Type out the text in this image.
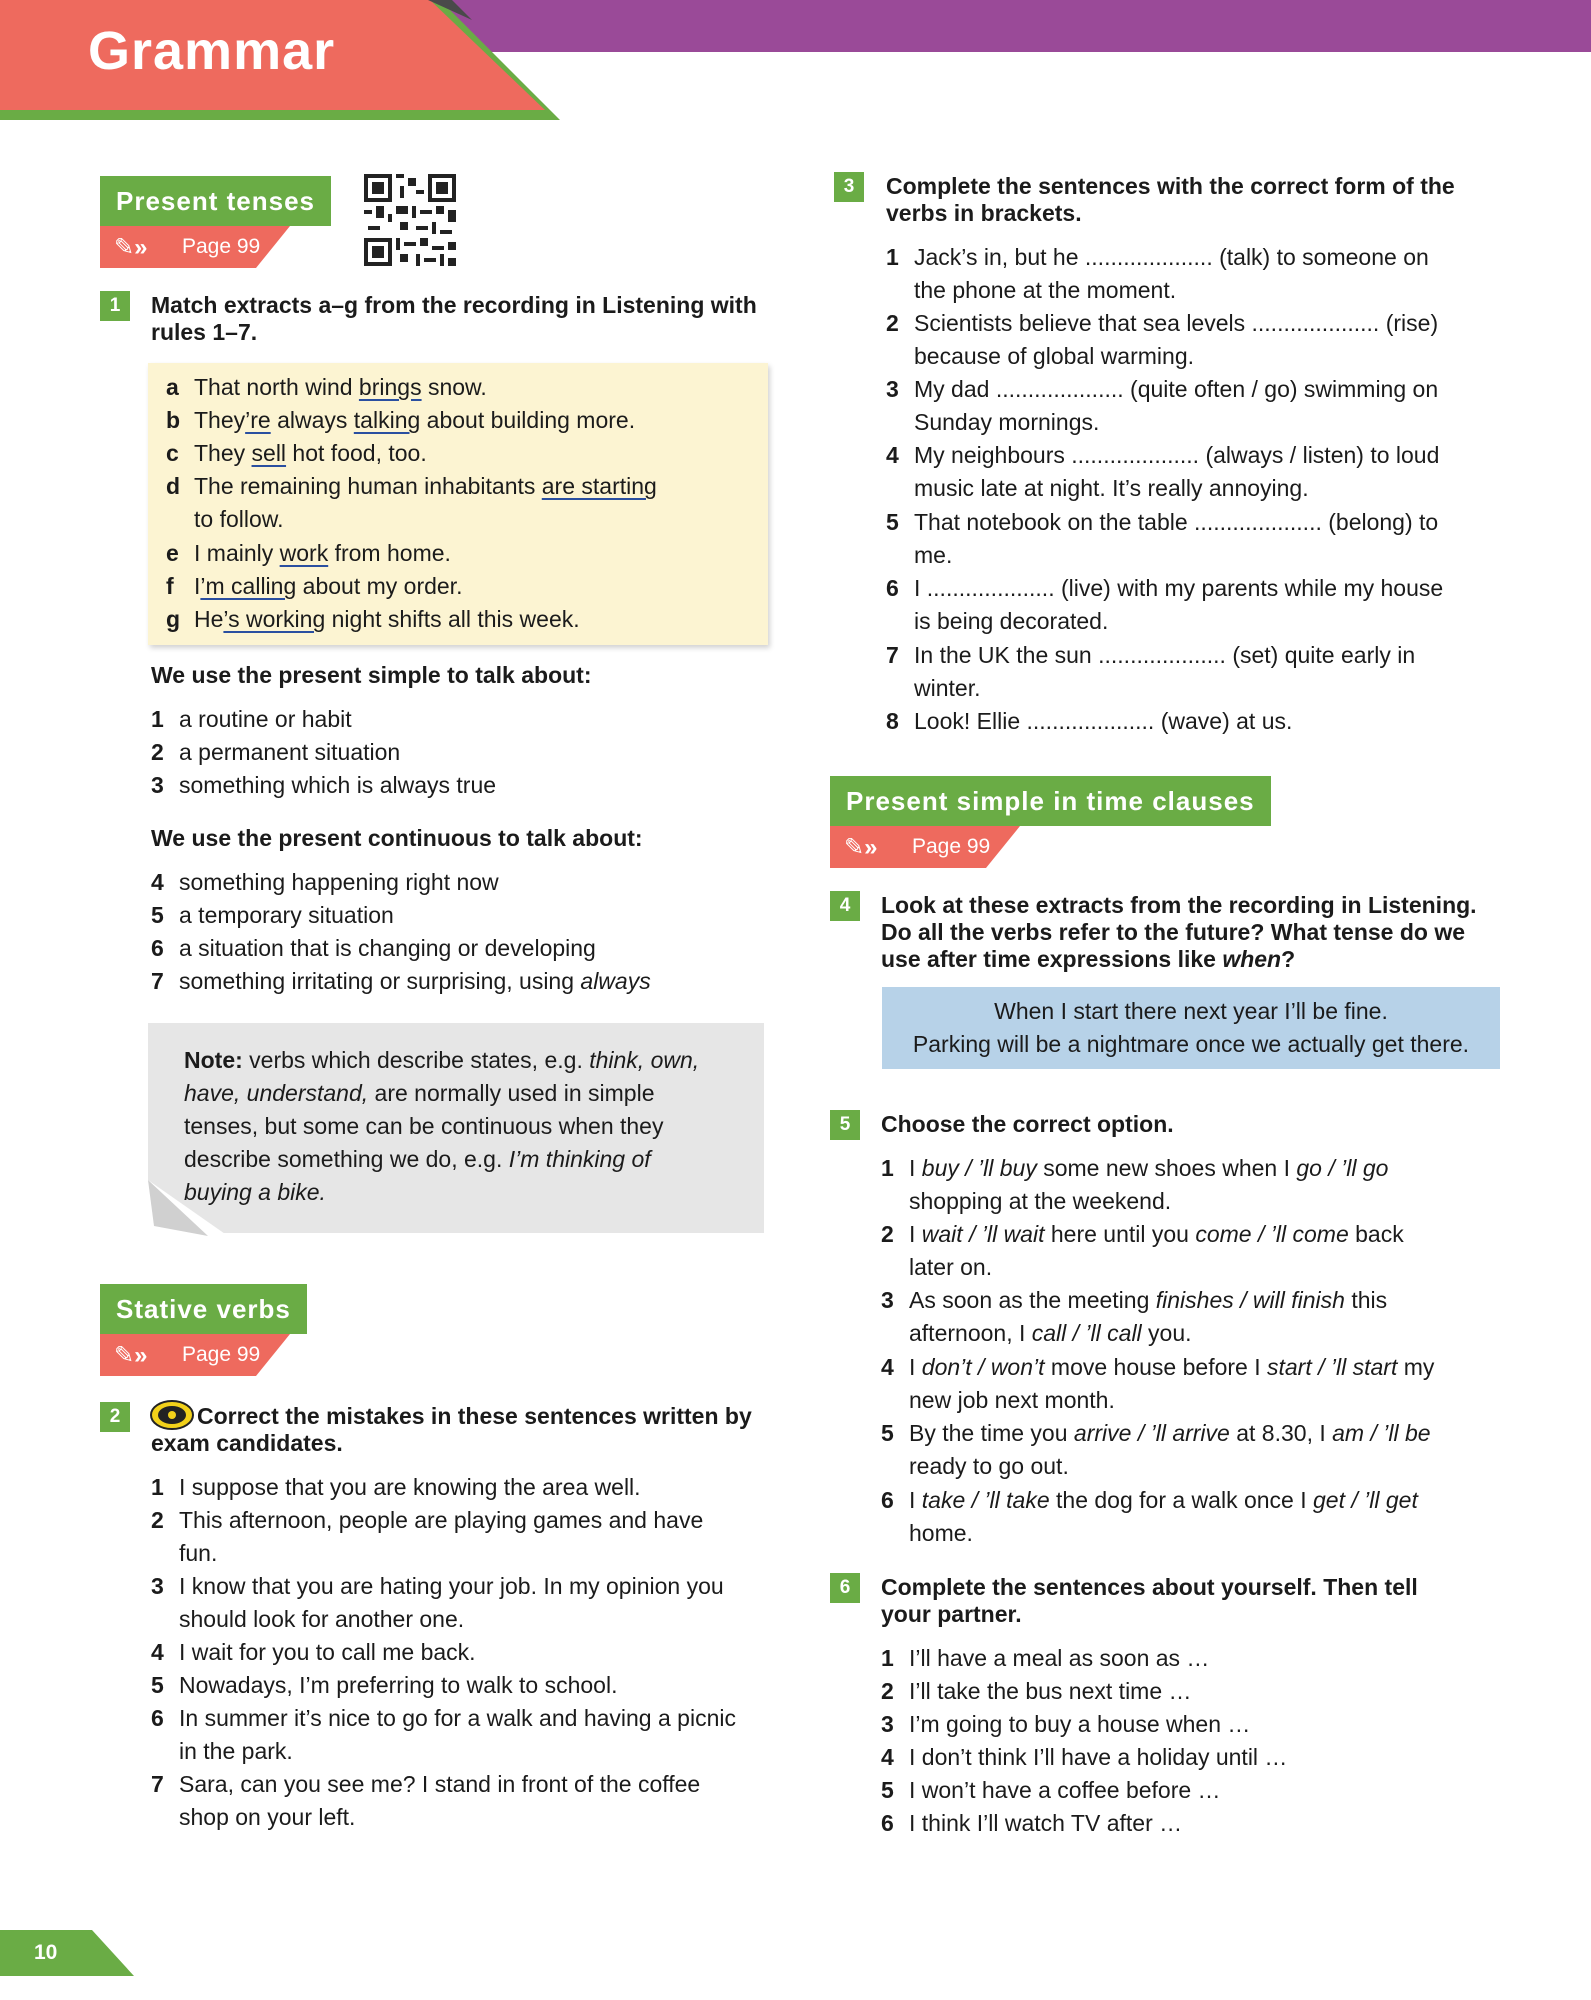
Grammar
Present tenses
✎» Page 99
1	Match extracts a–g from the recording in Listening with
rules 1–7.
a That north wind brings snow.
b They’re always talking about building more.
c They sell hot food, too.
d The remaining human inhabitants are starting
to follow.
e I mainly work from home.
f I’m calling about my order.
g He’s working night shifts all this week.
We use the present simple to talk about:
1 a routine or habit
2 a permanent situation
3 something which is always true
We use the present continuous to talk about:
4 something happening right now
5 a temporary situation
6 a situation that is changing or developing
7 something irritating or surprising, using always
Note: verbs which describe states, e.g. think, own,
have, understand, are normally used in simple
tenses, but some can be continuous when they
describe something we do, e.g. I’m thinking of
buying a bike.
Stative verbs
✎» Page 99
2	Correct the mistakes in these sentences written by
exam candidates.
1 I suppose that you are knowing the area well.
2 This afternoon, people are playing games and have
fun.
3 I know that you are hating your job. In my opinion you
should look for another one.
4 I wait for you to call me back.
5 Nowadays, I’m preferring to walk to school.
6 In summer it’s nice to go for a walk and having a picnic
in the park.
7 Sara, can you see me? I stand in front of the coffee
shop on your left.
3	Complete the sentences with the correct form of the
verbs in brackets.
1 Jack’s in, but he .................... (talk) to someone on
the phone at the moment.
2 Scientists believe that sea levels .................... (rise)
because of global warming.
3 My dad .................... (quite often / go) swimming on
Sunday mornings.
4 My neighbours .................... (always / listen) to loud
music late at night. It’s really annoying.
5 That notebook on the table .................... (belong) to
me.
6 I .................... (live) with my parents while my house
is being decorated.
7 In the UK the sun .................... (set) quite early in
winter.
8 Look! Ellie .................... (wave) at us.
Present simple in time clauses
✎» Page 99
4	Look at these extracts from the recording in Listening.
Do all the verbs refer to the future? What tense do we
use after time expressions like when?
When I start there next year I’ll be fine.
Parking will be a nightmare once we actually get there.
5	Choose the correct option.
1 I buy / ’ll buy some new shoes when I go / ’ll go
shopping at the weekend.
2 I wait / ’ll wait here until you come / ’ll come back
later on.
3 As soon as the meeting finishes / will finish this
afternoon, I call / ’ll call you.
4 I don’t / won’t move house before I start / ’ll start my
new job next month.
5 By the time you arrive / ’ll arrive at 8.30, I am / ’ll be
ready to go out.
6 I take / ’ll take the dog for a walk once I get / ’ll get
home.
6	Complete the sentences about yourself. Then tell
your partner.
1 I’ll have a meal as soon as …
2 I’ll take the bus next time …
3 I’m going to buy a house when …
4 I don’t think I’ll have a holiday until …
5 I won’t have a coffee before …
6 I think I’ll watch TV after …
10
